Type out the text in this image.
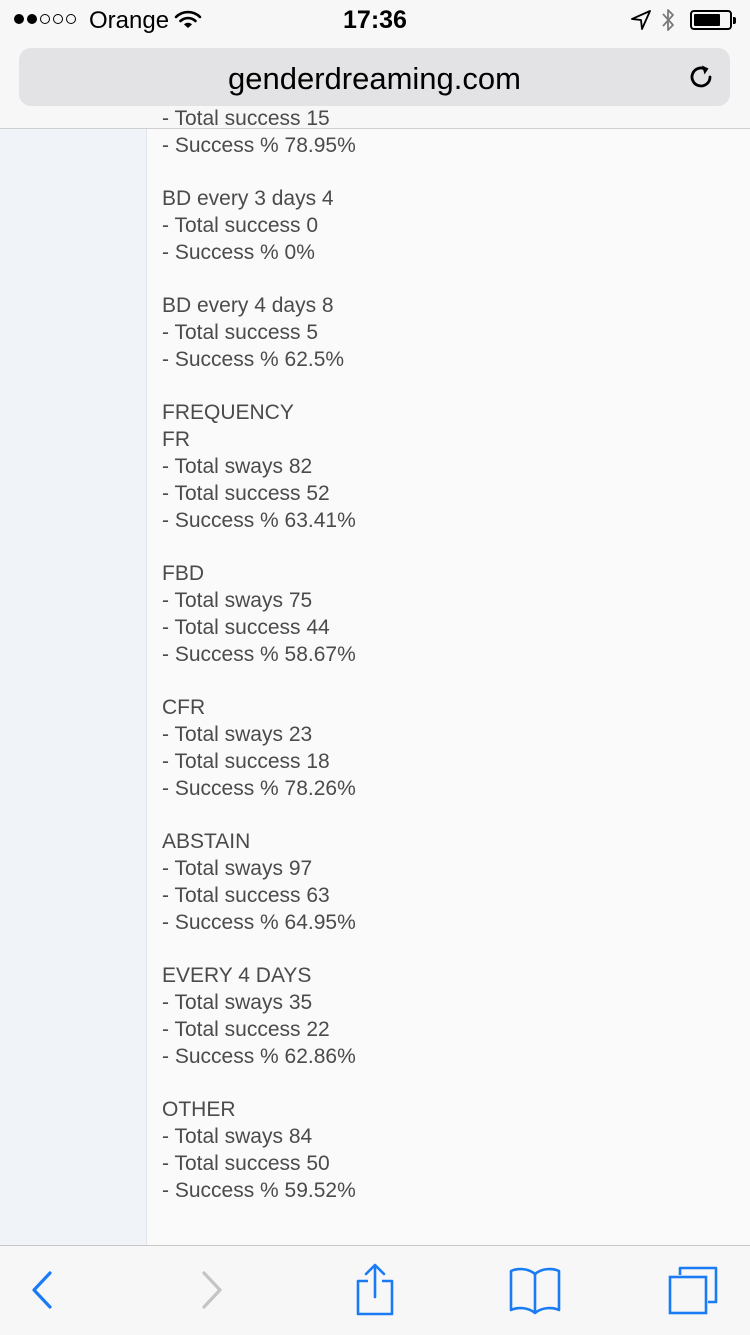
Orange	17:36
genderdreaming.com
- Total success 15
- Success % 78.95%
BD every 3 days 4
- Total success 0
- Success % 0%
BD every 4 days 8
- Total success 5
- Success % 62.5%
FREQUENCY
FR
- Total sways 82
- Total success 52
- Success % 63.41%
FBD
- Total sways 75
- Total success 44
- Success % 58.67%
CFR
- Total sways 23
- Total success 18
- Success % 78.26%
ABSTAIN
- Total sways 97
- Total success 63
- Success % 64.95%
EVERY 4 DAYS
- Total sways 35
- Total success 22
- Success % 62.86%
OTHER
- Total sways 84
- Total success 50
- Success % 59.52%
